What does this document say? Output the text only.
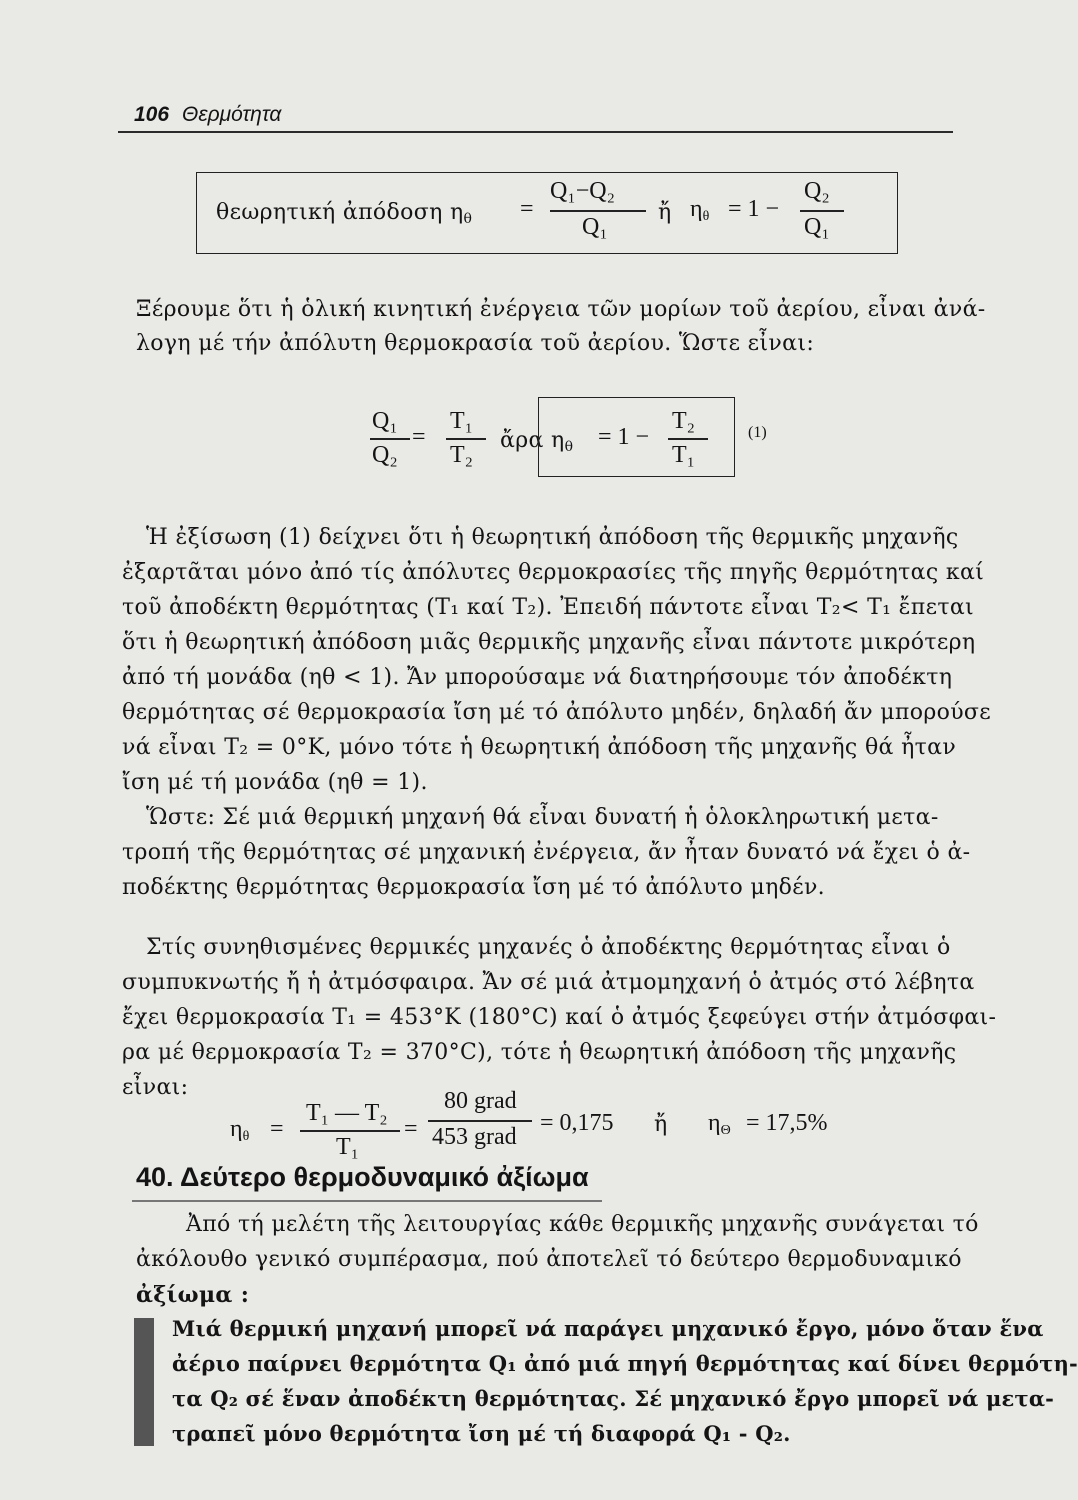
106 Θερμότητα
θεωρητική ἀπόδοση $\eta_\theta$ =
Q₁−Q₂
Q₁
ἤ $\eta_\theta = 1$ −
Q₂
Q₁
Ξέρουμε ὅτι ἡ ὁλική κινητική ἐνέργεια τῶν μορίων τοῦ ἀερίου, εἶναι ἀνά-
λογη μέ τήν ἀπόλυτη θερμοκρασία τοῦ ἀερίου. Ὥστε εἶναι:
Q₁
Q₂
=
T₁
T₂
ἄρα $\eta_\theta = 1$ −
T₂
T₁
(1)
Ἡ ἐξίσωση (1) δείχνει ὅτι ἡ θεωρητική ἀπόδοση τῆς θερμικῆς μηχανῆς
ἐξαρτᾶται μόνο ἀπό τίς ἀπόλυτες θερμοκρασίες τῆς πηγῆς θερμότητας καί
τοῦ ἀποδέκτη θερμότητας (T₁ καί T₂). Ἐπειδή πάντοτε εἶναι T₂< T₁ ἔπεται
ὅτι ἡ θεωρητική ἀπόδοση μιᾶς θερμικῆς μηχανῆς εἶναι πάντοτε μικρότερη
ἀπό τή μονάδα (ηθ < 1). Ἄν μπορούσαμε νά διατηρήσουμε τόν ἀποδέκτη
θερμότητας σέ θερμοκρασία ἴση μέ τό ἀπόλυτο μηδέν, δηλαδή ἄν μπορούσε
νά εἶναι T₂ = 0°K, μόνο τότε ἡ θεωρητική ἀπόδοση τῆς μηχανῆς θά ἦταν
ἴση μέ τή μονάδα (ηθ = 1).
Ὥστε: Σέ μιά θερμική μηχανή θά εἶναι δυνατή ἡ ὁλοκληρωτική μετα-
τροπή τῆς θερμότητας σέ μηχανική ἐνέργεια, ἄν ἦταν δυνατό νά ἔχει ὁ ἀ-
ποδέκτης θερμότητας θερμοκρασία ἴση μέ τό ἀπόλυτο μηδέν.
Στίς συνηθισμένες θερμικές μηχανές ὁ ἀποδέκτης θερμότητας εἶναι ὁ
συμπυκνωτής ἤ ἡ ἀτμόσφαιρα. Ἄν σέ μιά ἀτμομηχανή ὁ ἀτμός στό λέβητα
ἔχει θερμοκρασία T₁ = 453°K (180°C) καί ὁ ἀτμός ξεφεύγει στήν ἀτμόσφαι-
ρα μέ θερμοκρασία T₂ = 370°C), τότε ἡ θεωρητική ἀπόδοση τῆς μηχανῆς
εἶναι:
$\eta_\theta$ =
T₁ — T₂
T₁
=
80 grad
453 grad
= 0,175 ἤ $\eta_\Theta = 17,5\%$
40. Δεύτερο θερμοδυναμικό ἀξίωμα
Ἀπό τή μελέτη τῆς λειτουργίας κάθε θερμικῆς μηχανῆς συνάγεται τό
ἀκόλουθο γενικό συμπέρασμα, πού ἀποτελεῖ τό δεύτερο θερμοδυναμικό
ἀξίωμα :
Μιά θερμική μηχανή μπορεῖ νά παράγει μηχανικό ἔργο, μόνο ὅταν ἕνα
ἀέριο παίρνει θερμότητα Q₁ ἀπό μιά πηγή θερμότητας καί δίνει θερμότη-
τα Q₂ σέ ἕναν ἀποδέκτη θερμότητας. Σέ μηχανικό ἔργο μπορεῖ νά μετα-
τραπεῖ μόνο θερμότητα ἴση μέ τή διαφορά Q₁ - Q₂.
